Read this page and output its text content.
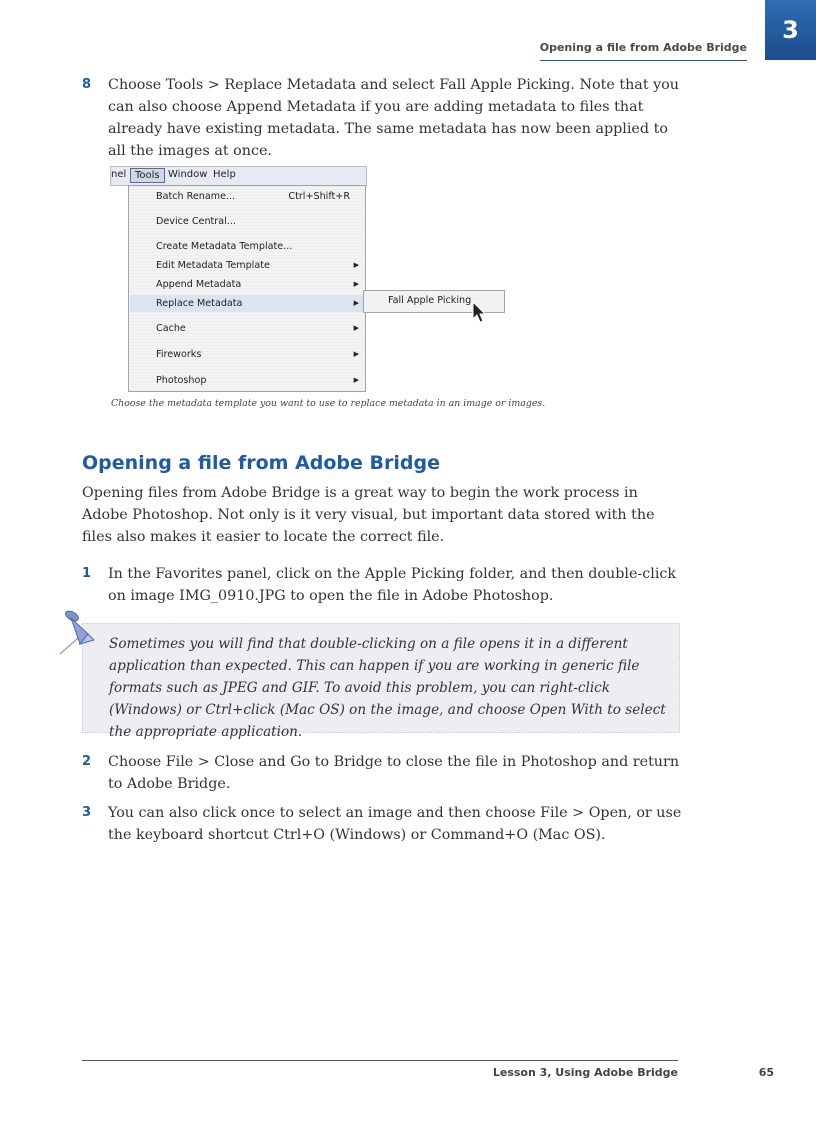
Opening a file from Adobe Bridge
3
8	Choose Tools > Replace Metadata and select Fall Apple Picking. Note that you can also choose Append Metadata if you are adding metadata to files that already have existing metadata. The same metadata has now been applied to all the images at once.
nel Tools Window Help
Batch Rename...	Ctrl+Shift+R
Device Central...
Create Metadata Template...
Edit Metadata Template	▶
Append Metadata	▶
Replace Metadata	▶
Cache	▶
Fireworks	▶
Photoshop	▶
Fall Apple Picking
Choose the metadata template you want to use to replace metadata in an image or images.
Opening a file from Adobe Bridge
Opening files from Adobe Bridge is a great way to begin the work process in Adobe Photoshop. Not only is it very visual, but important data stored with the files also makes it easier to locate the correct file.
1	In the Favorites panel, click on the Apple Picking folder, and then double-click on image IMG_0910.JPG to open the file in Adobe Photoshop.
Sometimes you will find that double-clicking on a file opens it in a different application than expected. This can happen if you are working in generic file formats such as JPEG and GIF. To avoid this problem, you can right-click (Windows) or Ctrl+click (Mac OS) on the image, and choose Open With to select the appropriate application.
2	Choose File > Close and Go to Bridge to close the file in Photoshop and return to Adobe Bridge.
3	You can also click once to select an image and then choose File > Open, or use the keyboard shortcut Ctrl+O (Windows) or Command+O (Mac OS).
Lesson 3, Using Adobe Bridge	65
